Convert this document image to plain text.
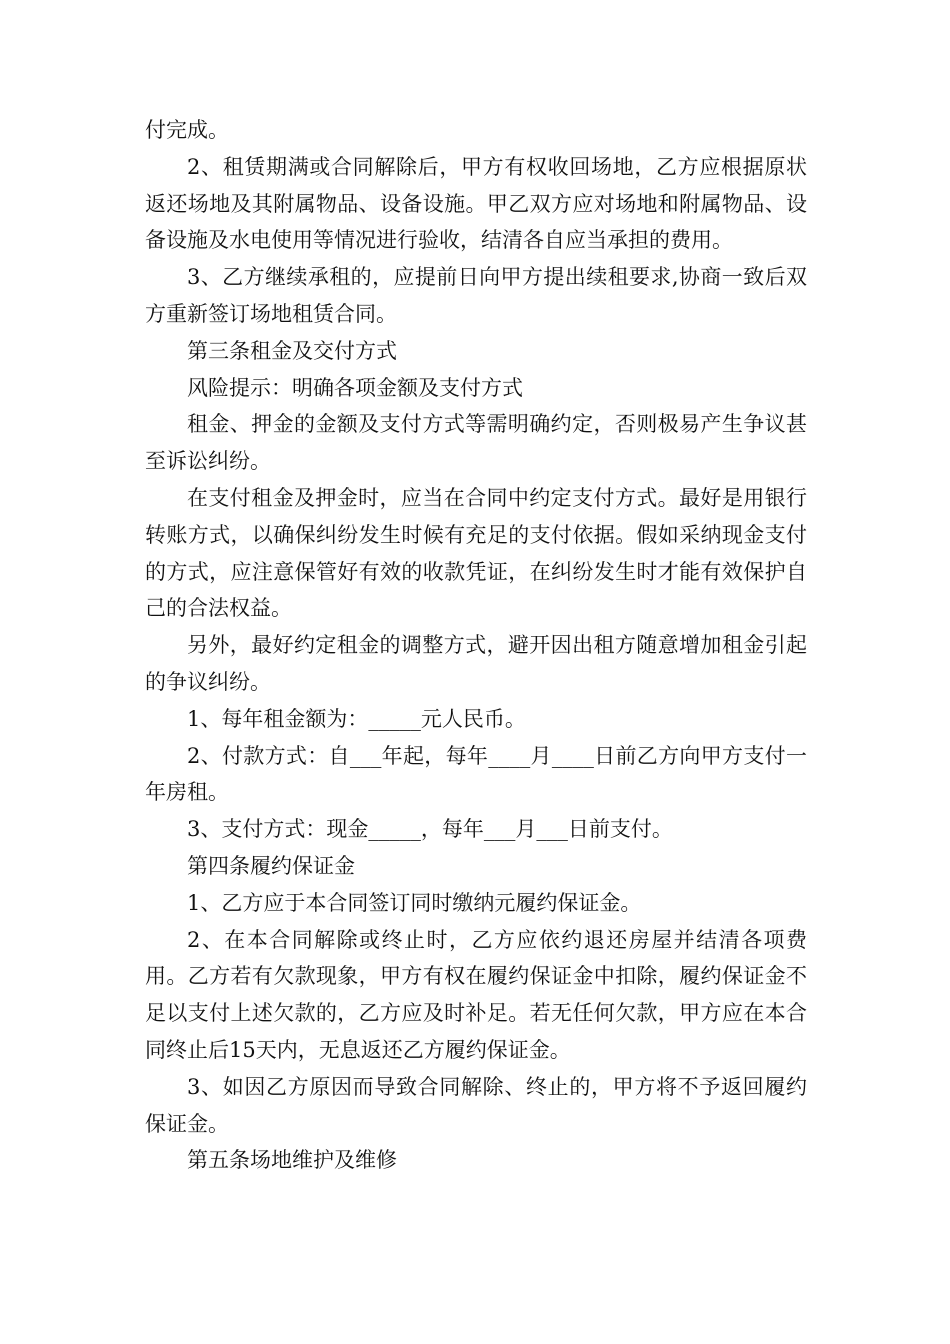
付完成。

2、租赁期满或合同解除后，甲方有权收回场地，乙方应根据原状返还场地及其附属物品、设备设施。甲乙双方应对场地和附属物品、设备设施及水电使用等情况进行验收，结清各自应当承担的费用。

3、乙方继续承租的，应提前日向甲方提出续租要求,协商一致后双方重新签订场地租赁合同。

第三条租金及交付方式

风险提示：明确各项金额及支付方式

租金、押金的金额及支付方式等需明确约定，否则极易产生争议甚至诉讼纠纷。

在支付租金及押金时，应当在合同中约定支付方式。最好是用银行转账方式，以确保纠纷发生时候有充足的支付依据。假如采纳现金支付的方式，应注意保管好有效的收款凭证，在纠纷发生时才能有效保护自己的合法权益。

另外，最好约定租金的调整方式，避开因出租方随意增加租金引起的争议纠纷。

1、每年租金额为：_____元人民币。

2、付款方式：自___年起，每年____月____日前乙方向甲方支付一年房租。

3、支付方式：现金_____，每年___月___日前支付。

第四条履约保证金

1、乙方应于本合同签订同时缴纳元履约保证金。

2、在本合同解除或终止时，乙方应依约退还房屋并结清各项费用。乙方若有欠款现象，甲方有权在履约保证金中扣除，履约保证金不足以支付上述欠款的，乙方应及时补足。若无任何欠款，甲方应在本合同终止后15天内，无息返还乙方履约保证金。

3、如因乙方原因而导致合同解除、终止的，甲方将不予返回履约保证金。

第五条场地维护及维修
